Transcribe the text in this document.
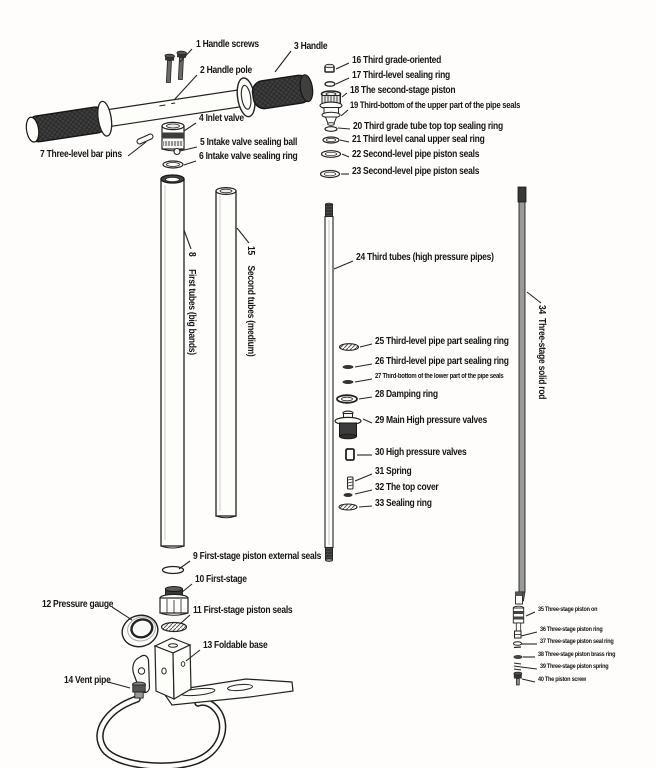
1 Handle screws
2 Handle pole
3 Handle
4 Inlet valve
5 Intake valve sealing ball
6 Intake valve sealing ring
7 Three-level bar pins
8      First tubes (big bands)
9 First-stage piston external seals
10 First-stage
11 First-stage piston seals
12 Pressure gauge
13 Foldable base
14 Vent pipe
15     Second tubes (medium)
16 Third grade-oriented
17 Third-level sealing ring
18 The second-stage piston
19 Third-bottom of the upper part of the pipe seals
20 Third grade tube top top sealing ring
21 Third level canal upper seal ring
22 Second-level pipe piston seals
23 Second-level pipe piston seals
24 Third tubes (high pressure pipes)
25 Third-level pipe part sealing ring
26 Third-level pipe part sealing ring
27 Third-bottom of the lower part of the pipe seals
28 Damping ring
29 Main High pressure valves
30 High pressure valves
31 Spring
32 The top cover
33 Sealing ring
34  Three-stage solid rod
35 Three-stage piston on
36 Three-stage piston ring
37 Three-stage piston seal ring
38 Three-stage piston brass ring
39 Three-stage piston spring
40 The piston screw
